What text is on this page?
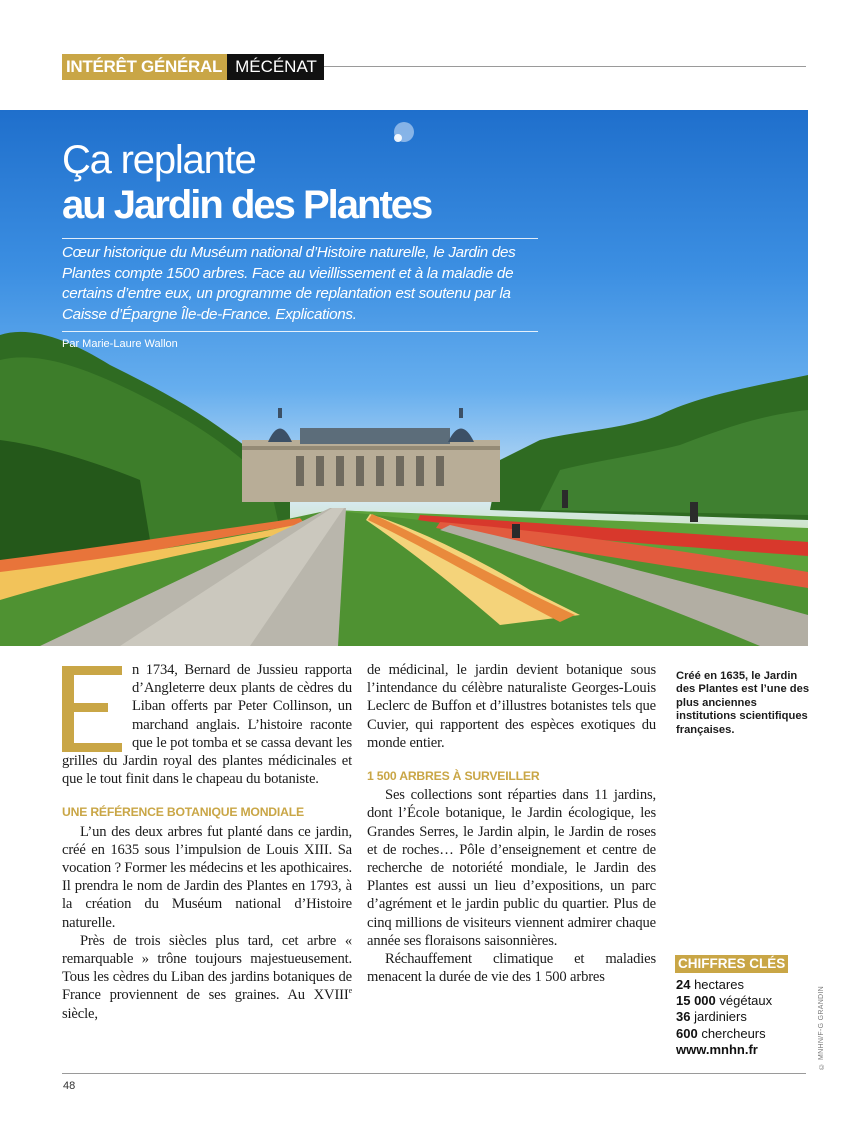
INTÉRÊT GÉNÉRAL MÉCÉNAT
Ça replante
au Jardin des Plantes
Cœur historique du Muséum national d’Histoire naturelle, le Jardin des Plantes compte 1500 arbres. Face au vieillissement et à la maladie de certains d’entre eux, un programme de replantation est soutenu par la Caisse d’Épargne Île-de-France. Explications.
Par Marie-Laure Wallon

n 1734, Bernard de Jussieu rapporta d’Angleterre deux plants de cèdres du Liban offerts par Peter Collinson, un marchand anglais. L’histoire raconte que le pot tomba et se cassa devant les grilles du Jardin royal des plantes médicinales et que le tout finit dans le chapeau du botaniste.

UNE RÉFÉRENCE BOTANIQUE MONDIALE

L’un des deux arbres fut planté dans ce jardin, créé en 1635 sous l’impulsion de Louis XIII. Sa vocation ? Former les médecins et les apothicaires. Il prendra le nom de Jardin des Plantes en 1793, à la création du Muséum national d’Histoire naturelle.

Près de trois siècles plus tard, cet arbre « remarquable » trône toujours majestueusement. Tous les cèdres du Liban des jardins botaniques de France proviennent de ses graines. Au XVIIIe siècle,

de médicinal, le jardin devient botanique sous l’intendance du célèbre naturaliste Georges-Louis Leclerc de Buffon et d’illustres botanistes tels que Cuvier, qui rapportent des espèces exotiques du monde entier.

1 500 ARBRES À SURVEILLER

Ses collections sont réparties dans 11 jardins, dont l’École botanique, le Jardin écologique, les Grandes Serres, le Jardin alpin, le Jardin de roses et de roches… Pôle d’enseignement et centre de recherche de notoriété mondiale, le Jardin des Plantes est aussi un lieu d’expositions, un parc d’agrément et le jardin public du quartier. Plus de cinq millions de visiteurs viennent admirer chaque année ses floraisons saisonnières.

Réchauffement climatique et maladies menacent la durée de vie des 1 500 arbres

Créé en 1635, le Jardin des Plantes est l’une des plus anciennes institutions scientifiques françaises.
CHIFFRES CLÉS
24 hectares
15 000 végétaux
36 jardiniers
600 chercheurs
www.mnhn.fr	© MNHN/F-G GRANDIN
48
